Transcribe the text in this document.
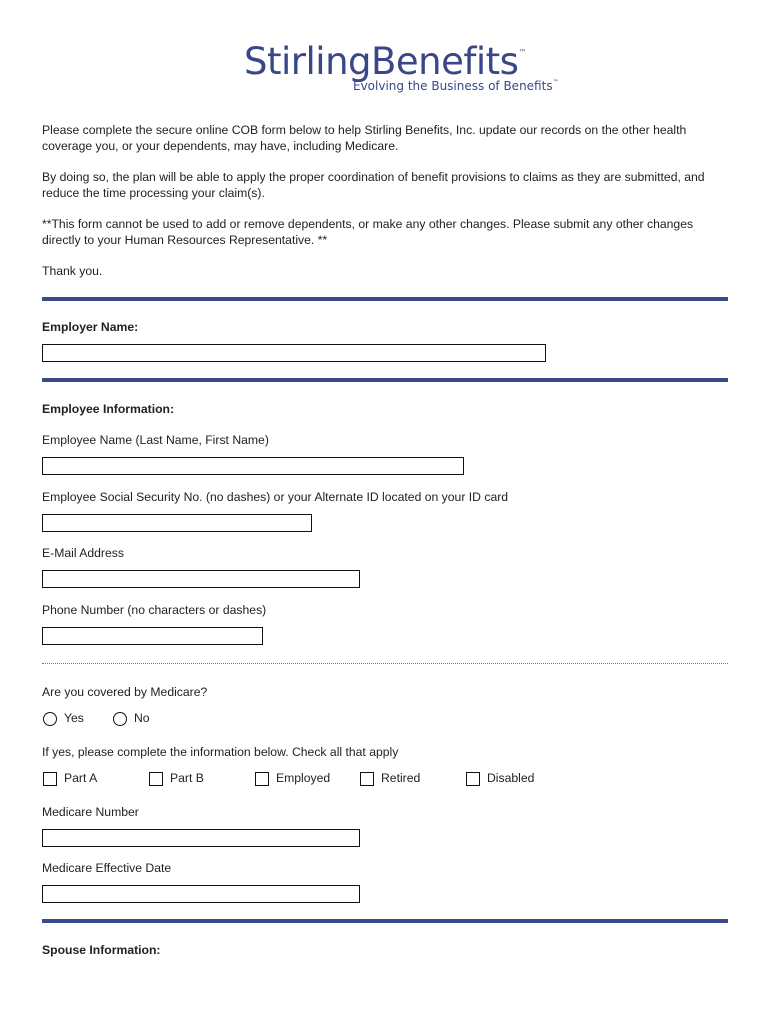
StirlingBenefits™
Evolving the Business of Benefits™
Please complete the secure online COB form below to help Stirling Benefits, Inc. update our records on the other health coverage you, or your dependents, may have, including Medicare.
By doing so, the plan will be able to apply the proper coordination of benefit provisions to claims as they are submitted, and reduce the time processing your claim(s).
**This form cannot be used to add or remove dependents, or make any other changes. Please submit any other changes directly to your Human Resources Representative. **
Thank you.
Employer Name:
Employee Information:
Employee Name (Last Name, First Name)
Employee Social Security No. (no dashes) or your Alternate ID located on your ID card
E-Mail Address
Phone Number (no characters or dashes)
Are you covered by Medicare?
Yes	No
If yes, please complete the information below. Check all that apply
Part A	Part B	Employed	Retired	Disabled
Medicare Number
Medicare Effective Date
Spouse Information:
